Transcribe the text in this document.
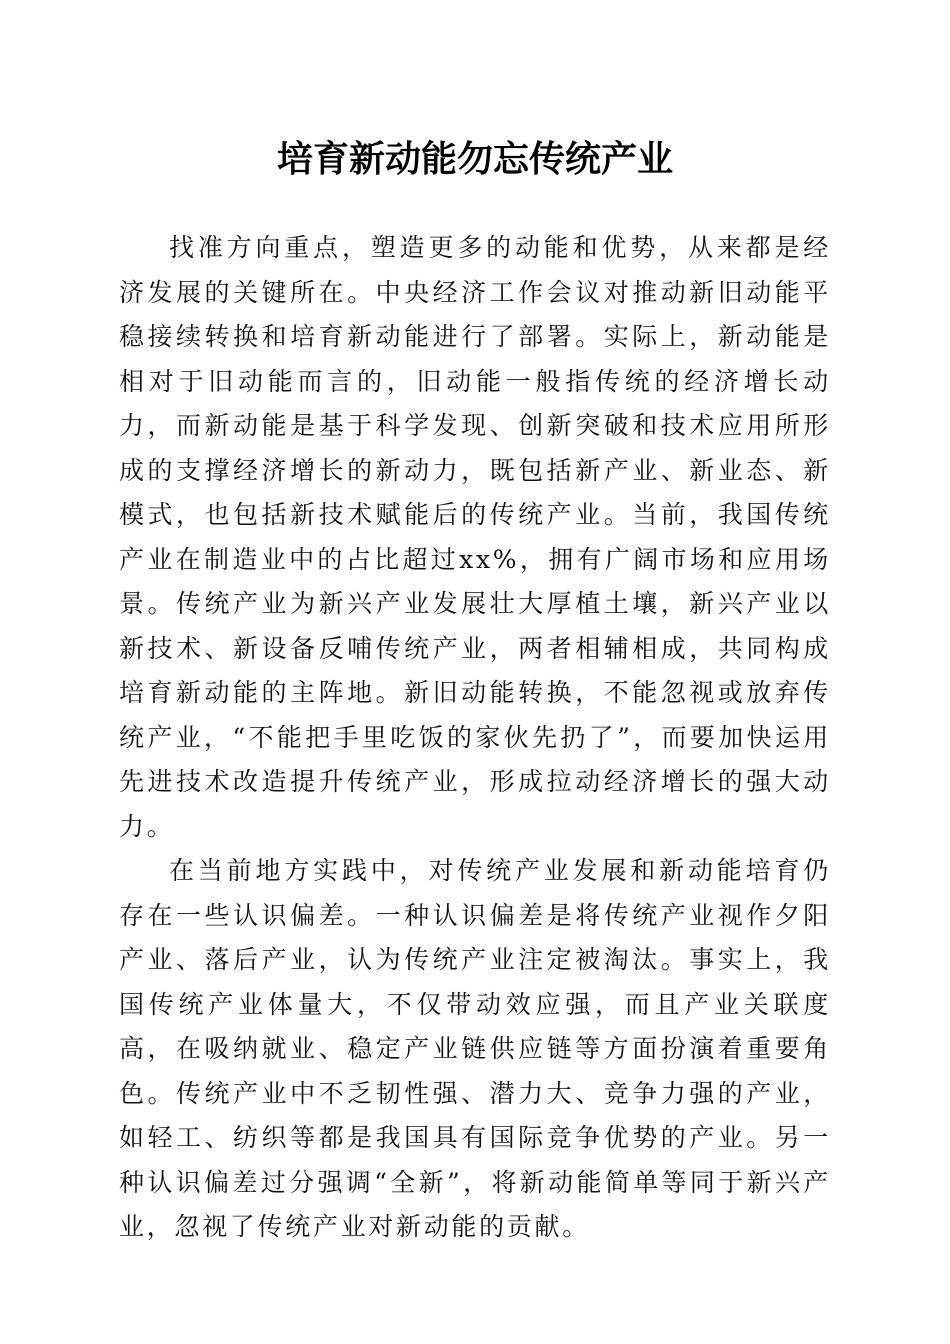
培育新动能勿忘传统产业

找准方向重点，塑造更多的动能和优势，从来都是经济发展的关键所在。中央经济工作会议对推动新旧动能平稳接续转换和培育新动能进行了部署。实际上，新动能是相对于旧动能而言的，旧动能一般指传统的经济增长动力，而新动能是基于科学发现、创新突破和技术应用所形成的支撑经济增长的新动力，既包括新产业、新业态、新模式，也包括新技术赋能后的传统产业。当前，我国传统产业在制造业中的占比超过xx%，拥有广阔市场和应用场景。传统产业为新兴产业发展壮大厚植土壤，新兴产业以新技术、新设备反哺传统产业，两者相辅相成，共同构成培育新动能的主阵地。新旧动能转换，不能忽视或放弃传统产业，“不能把手里吃饭的家伙先扔了”，而要加快运用先进技术改造提升传统产业，形成拉动经济增长的强大动力。

在当前地方实践中，对传统产业发展和新动能培育仍存在一些认识偏差。一种认识偏差是将传统产业视作夕阳产业、落后产业，认为传统产业注定被淘汰。事实上，我国传统产业体量大，不仅带动效应强，而且产业关联度高，在吸纳就业、稳定产业链供应链等方面扮演着重要角色。传统产业中不乏韧性强、潜力大、竞争力强的产业，如轻工、纺织等都是我国具有国际竞争优势的产业。另一种认识偏差过分强调“全新”，将新动能简单等同于新兴产业，忽视了传统产业对新动能的贡献。
